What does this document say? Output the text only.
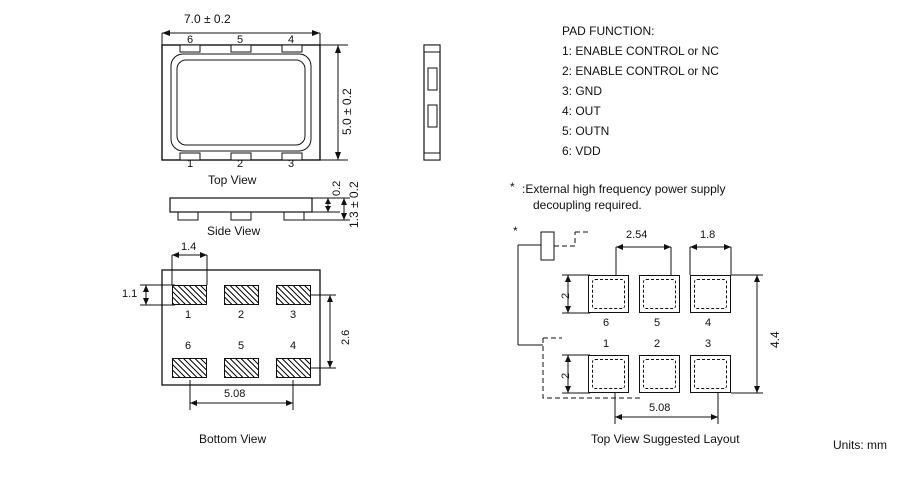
7.0 ± 0.2
6	5	4
1	2	3
5.0 ± 0.2
Top View
Side View
0.2 1.3 ± 0.2
1	2	3
6	5	4
1.4
1.1
2.6
5.08
Bottom View
PAD FUNCTION:
1: ENABLE CONTROL or NC
2: ENABLE CONTROL or NC
3: GND
4: OUT
5: OUTN
6: VDD
* :External high frequency power supply
decoupling required.
*
6	5	4
1	2	3
2.54	1.8
2
2
4.4
5.08
Top View Suggested Layout	Units: mm
